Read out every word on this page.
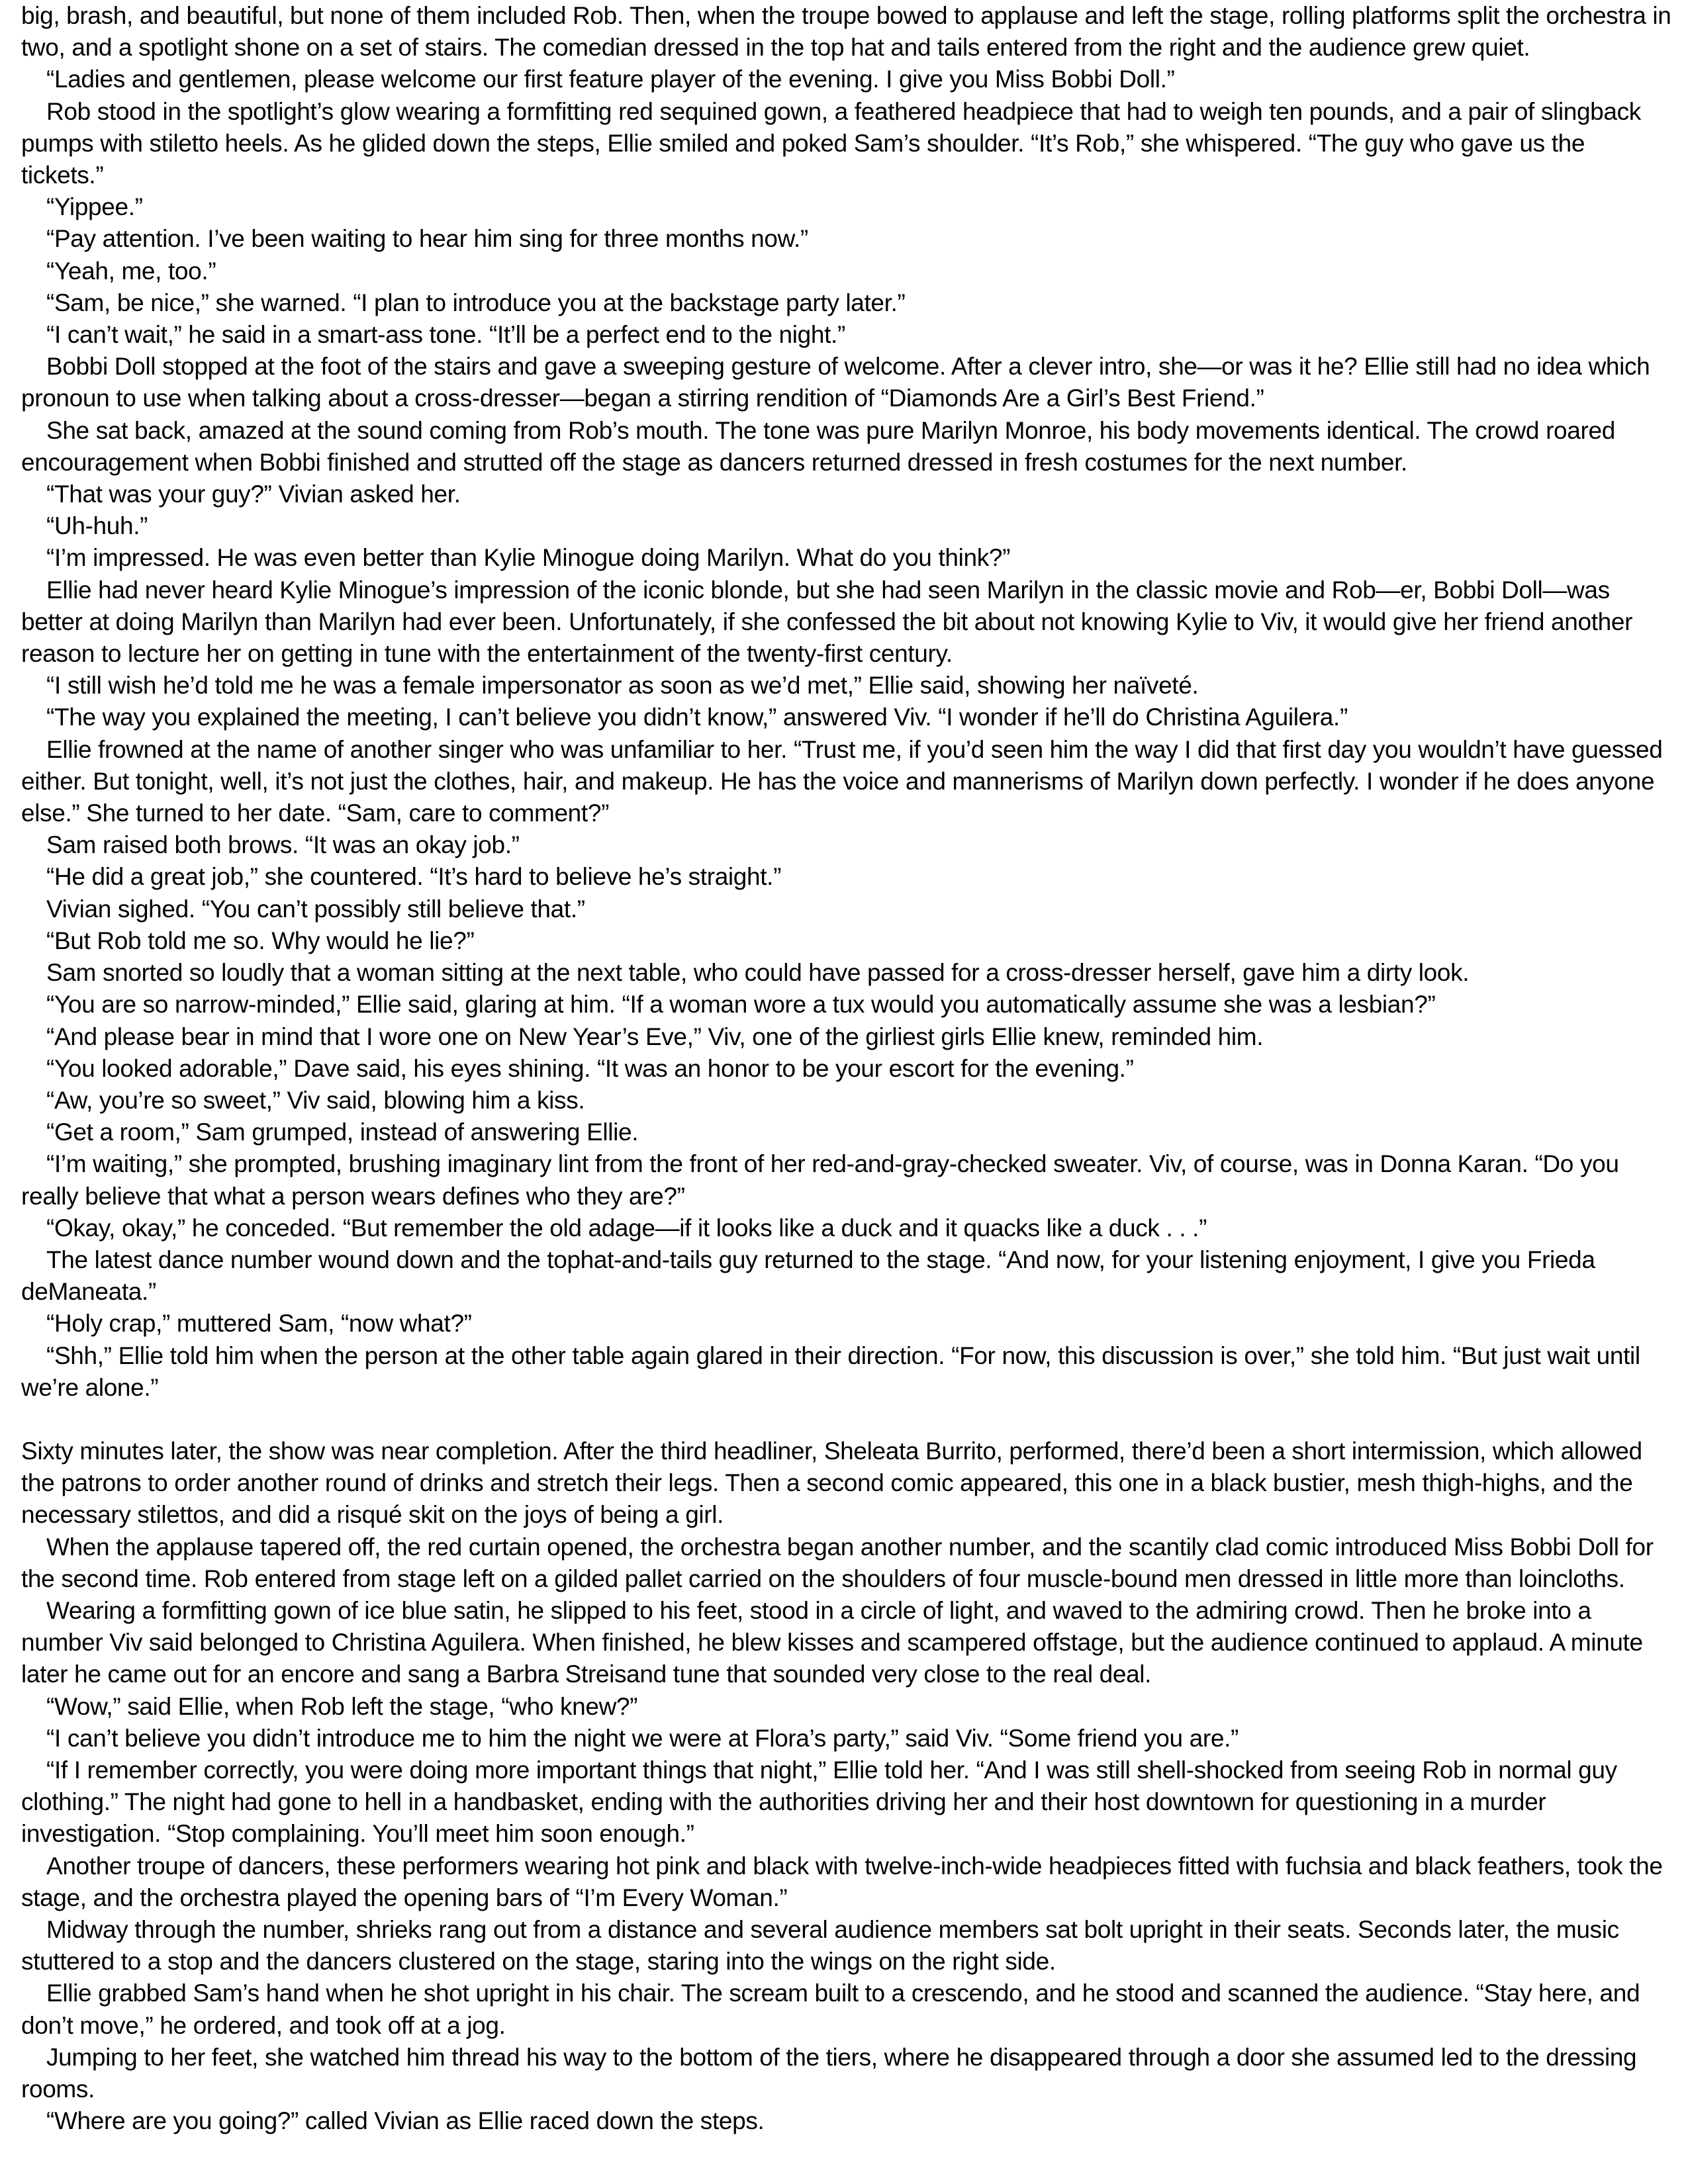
big, brash, and beautiful, but none of them included Rob. Then, when the troupe bowed to applause and left the stage, rolling platforms split the orchestra in two, and a spotlight shone on a set of stairs. The comedian dressed in the top hat and tails entered from the right and the audience grew quiet.

“Ladies and gentlemen, please welcome our first feature player of the evening. I give you Miss Bobbi Doll.”

Rob stood in the spotlight’s glow wearing a formfitting red sequined gown, a feathered headpiece that had to weigh ten pounds, and a pair of slingback pumps with stiletto heels. As he glided down the steps, Ellie smiled and poked Sam’s shoulder. “It’s Rob,” she whispered. “The guy who gave us the tickets.”

“Yippee.”

“Pay attention. I’ve been waiting to hear him sing for three months now.”

“Yeah, me, too.”

“Sam, be nice,” she warned. “I plan to introduce you at the backstage party later.”

“I can’t wait,” he said in a smart-ass tone. “It’ll be a perfect end to the night.”

Bobbi Doll stopped at the foot of the stairs and gave a sweeping gesture of welcome. After a clever intro, she—or was it he? Ellie still had no idea which pronoun to use when talking about a cross-dresser—began a stirring rendition of “Diamonds Are a Girl’s Best Friend.”

She sat back, amazed at the sound coming from Rob’s mouth. The tone was pure Marilyn Monroe, his body movements identical. The crowd roared encouragement when Bobbi finished and strutted off the stage as dancers returned dressed in fresh costumes for the next number.

“That was your guy?” Vivian asked her.

“Uh-huh.”

“I’m impressed. He was even better than Kylie Minogue doing Marilyn. What do you think?”

Ellie had never heard Kylie Minogue’s impression of the iconic blonde, but she had seen Marilyn in the classic movie and Rob—er, Bobbi Doll—was better at doing Marilyn than Marilyn had ever been. Unfortunately, if she confessed the bit about not knowing Kylie to Viv, it would give her friend another reason to lecture her on getting in tune with the entertainment of the twenty-first century.

“I still wish he’d told me he was a female impersonator as soon as we’d met,” Ellie said, showing her naïveté.

“The way you explained the meeting, I can’t believe you didn’t know,” answered Viv. “I wonder if he’ll do Christina Aguilera.”

Ellie frowned at the name of another singer who was unfamiliar to her. “Trust me, if you’d seen him the way I did that first day you wouldn’t have guessed either. But tonight, well, it’s not just the clothes, hair, and makeup. He has the voice and mannerisms of Marilyn down perfectly. I wonder if he does anyone else.” She turned to her date. “Sam, care to comment?”

Sam raised both brows. “It was an okay job.”

“He did a great job,” she countered. “It’s hard to believe he’s straight.”

Vivian sighed. “You can’t possibly still believe that.”

“But Rob told me so. Why would he lie?”

Sam snorted so loudly that a woman sitting at the next table, who could have passed for a cross-dresser herself, gave him a dirty look.

“You are so narrow-minded,” Ellie said, glaring at him. “If a woman wore a tux would you automatically assume she was a lesbian?”

“And please bear in mind that I wore one on New Year’s Eve,” Viv, one of the girliest girls Ellie knew, reminded him.

“You looked adorable,” Dave said, his eyes shining. “It was an honor to be your escort for the evening.”

“Aw, you’re so sweet,” Viv said, blowing him a kiss.

“Get a room,” Sam grumped, instead of answering Ellie.

“I’m waiting,” she prompted, brushing imaginary lint from the front of her red-and-gray-checked sweater. Viv, of course, was in Donna Karan. “Do you really believe that what a person wears defines who they are?”

“Okay, okay,” he conceded. “But remember the old adage—if it looks like a duck and it quacks like a duck . . .”

The latest dance number wound down and the tophat-and-tails guy returned to the stage. “And now, for your listening enjoyment, I give you Frieda deManeata.”

“Holy crap,” muttered Sam, “now what?”

“Shh,” Ellie told him when the person at the other table again glared in their direction. “For now, this discussion is over,” she told him. “But just wait until we’re alone.”

Sixty minutes later, the show was near completion. After the third headliner, Sheleata Burrito, performed, there’d been a short intermission, which allowed the patrons to order another round of drinks and stretch their legs. Then a second comic appeared, this one in a black bustier, mesh thigh-highs, and the necessary stilettos, and did a risqué skit on the joys of being a girl.

When the applause tapered off, the red curtain opened, the orchestra began another number, and the scantily clad comic introduced Miss Bobbi Doll for the second time. Rob entered from stage left on a gilded pallet carried on the shoulders of four muscle-bound men dressed in little more than loincloths.

Wearing a formfitting gown of ice blue satin, he slipped to his feet, stood in a circle of light, and waved to the admiring crowd. Then he broke into a number Viv said belonged to Christina Aguilera. When finished, he blew kisses and scampered offstage, but the audience continued to applaud. A minute later he came out for an encore and sang a Barbra Streisand tune that sounded very close to the real deal.

“Wow,” said Ellie, when Rob left the stage, “who knew?”

“I can’t believe you didn’t introduce me to him the night we were at Flora’s party,” said Viv. “Some friend you are.”

“If I remember correctly, you were doing more important things that night,” Ellie told her. “And I was still shell-shocked from seeing Rob in normal guy clothing.” The night had gone to hell in a handbasket, ending with the authorities driving her and their host downtown for questioning in a murder investigation. “Stop complaining. You’ll meet him soon enough.”

Another troupe of dancers, these performers wearing hot pink and black with twelve-inch-wide headpieces fitted with fuchsia and black feathers, took the stage, and the orchestra played the opening bars of “I’m Every Woman.”

Midway through the number, shrieks rang out from a distance and several audience members sat bolt upright in their seats. Seconds later, the music stuttered to a stop and the dancers clustered on the stage, staring into the wings on the right side.

Ellie grabbed Sam’s hand when he shot upright in his chair. The scream built to a crescendo, and he stood and scanned the audience. “Stay here, and don’t move,” he ordered, and took off at a jog.

Jumping to her feet, she watched him thread his way to the bottom of the tiers, where he disappeared through a door she assumed led to the dressing rooms.

“Where are you going?” called Vivian as Ellie raced down the steps.
